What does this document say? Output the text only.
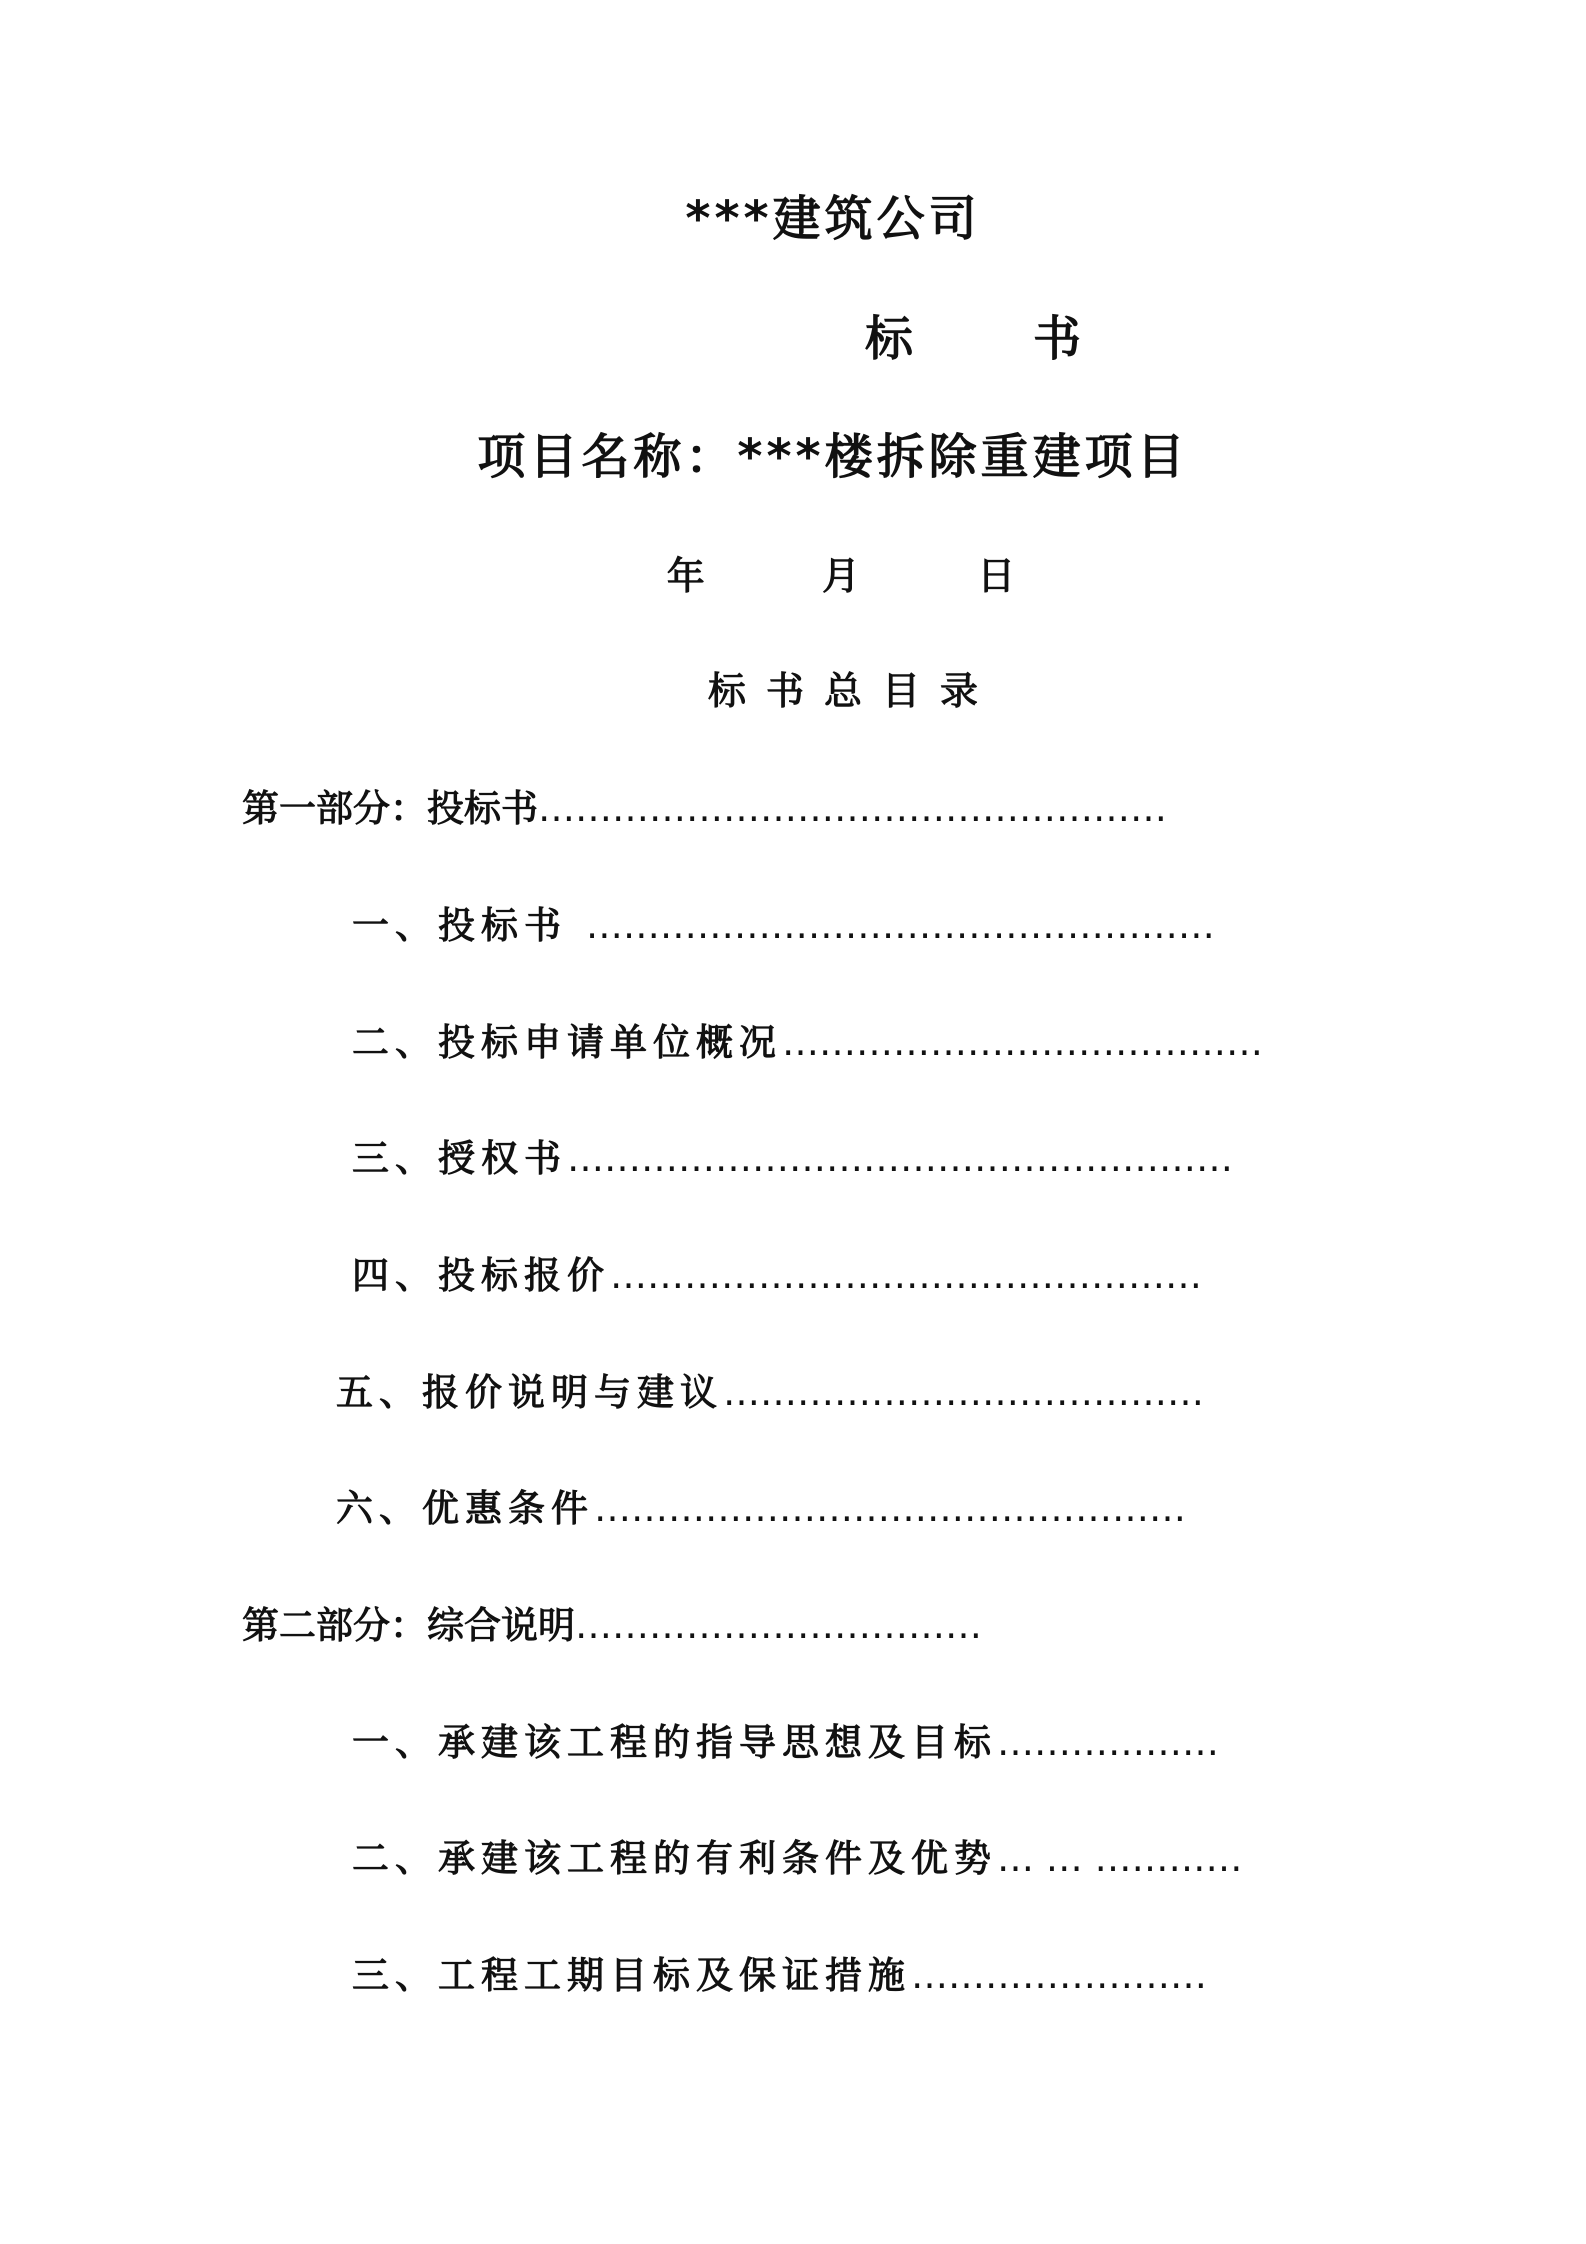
***建筑公司
标书
项目名称：***楼拆除重建项目
年	月	日
标书总目录
第一部分：投标书……………………………………………
一、投标书 ……………………………………………
二、投标申请单位概况…………………………………
三、授权书………………………………………………
四、投标报价…………………………………………
五、报价说明与建议…………………………………
六、优惠条件…………………………………………
第二部分：综合说明……………………………
一、承建该工程的指导思想及目标………………
二、承建该工程的有利条件及优势… … …………
三、工程工期目标及保证措施……………………
